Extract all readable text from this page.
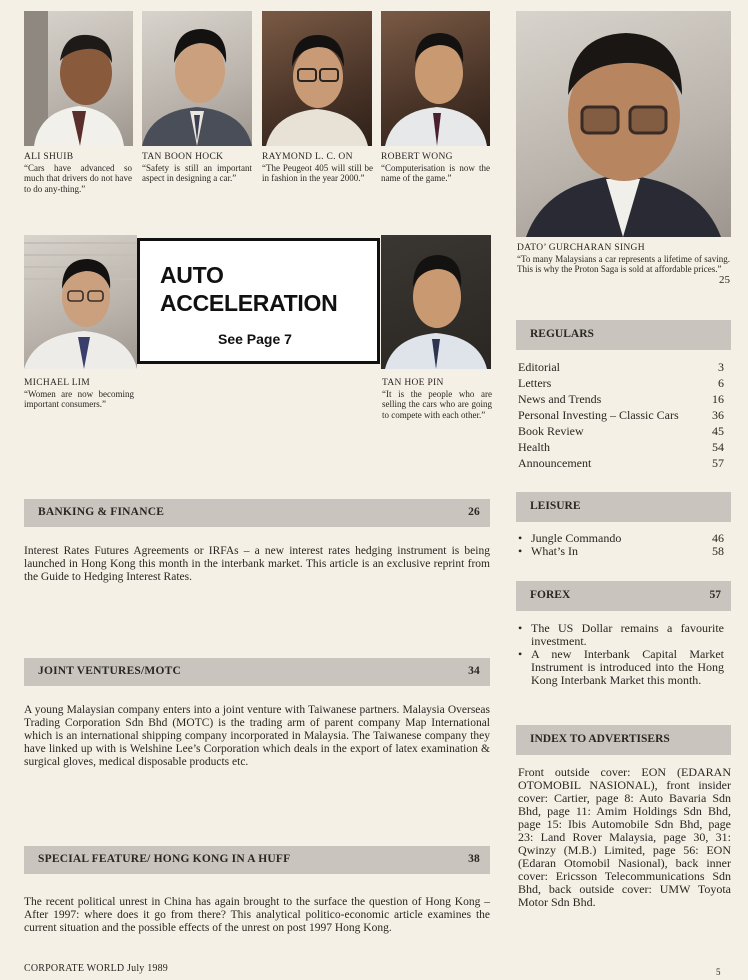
ALI SHUIB
“Cars have advanced so much that drivers do not have to do any-thing.”
TAN BOON HOCK
“Safety is still an important aspect in designing a car.”
RAYMOND L. C. ON
“The Peugeot 405 will still be in fashion in the year 2000.”
ROBERT WONG
“Computerisation is now the name of the game.”
DATO’ GURCHARAN SINGH
“To many Malaysians a car represents a lifetime of saving. This is why the Proton Saga is sold at affordable prices.”
25
AUTO
ACCELERATION
See Page 7
MICHAEL LIM
“Women are now becoming important consumers.”
TAN HOE PIN
“It is the people who are selling the cars who are going to compete with each other.”
BANKING & FINANCE	26
Interest Rates Futures Agreements or IRFAs – a new interest rates hedging instrument is being launched in Hong Kong this month in the interbank market. This article is an exclusive reprint from the Guide to Hedging Interest Rates.
JOINT VENTURES/MOTC	34
A young Malaysian company enters into a joint venture with Taiwanese partners. Malaysia Overseas Trading Corporation Sdn Bhd (MOTC) is the trading arm of parent company Map International which is an international shipping company incorporated in Malaysia. The Taiwanese company they have linked up with is Welshine Lee’s Corporation which deals in the export of latex examination & surgical gloves, medical disposable products etc.
SPECIAL FEATURE/ HONG KONG IN A HUFF	38
The recent political unrest in China has again brought to the surface the question of Hong Kong – After 1997: where does it go from there? This analytical politico-economic article examines the current situation and the possible effects of the unrest on post 1997 Hong Kong.
REGULARS
Editorial	3
Letters	6
News and Trends	16
Personal Investing – Classic Cars	36
Book Review	45
Health	54
Announcement	57
LEISURE
• Jungle Commando	46
• What’s In	58
FOREX	57
• The US Dollar remains a favourite investment.
• A new Interbank Capital Market Instrument is introduced into the Hong Kong Interbank Market this month.
INDEX TO ADVERTISERS
Front outside cover: EON (EDARAN OTOMOBIL NASIONAL), front insider cover: Cartier, page 8: Auto Bavaria Sdn Bhd, page 11: Amim Holdings Sdn Bhd, page 15: Ibis Automobile Sdn Bhd, page 23: Land Rover Malaysia, page 30, 31: Qwinzy (M.B.) Limited, page 56: EON (Edaran Otomobil Nasional), back inner cover: Ericsson Telecommunications Sdn Bhd, back outside cover: UMW Toyota Motor Sdn Bhd.
CORPORATE WORLD July 1989	5
